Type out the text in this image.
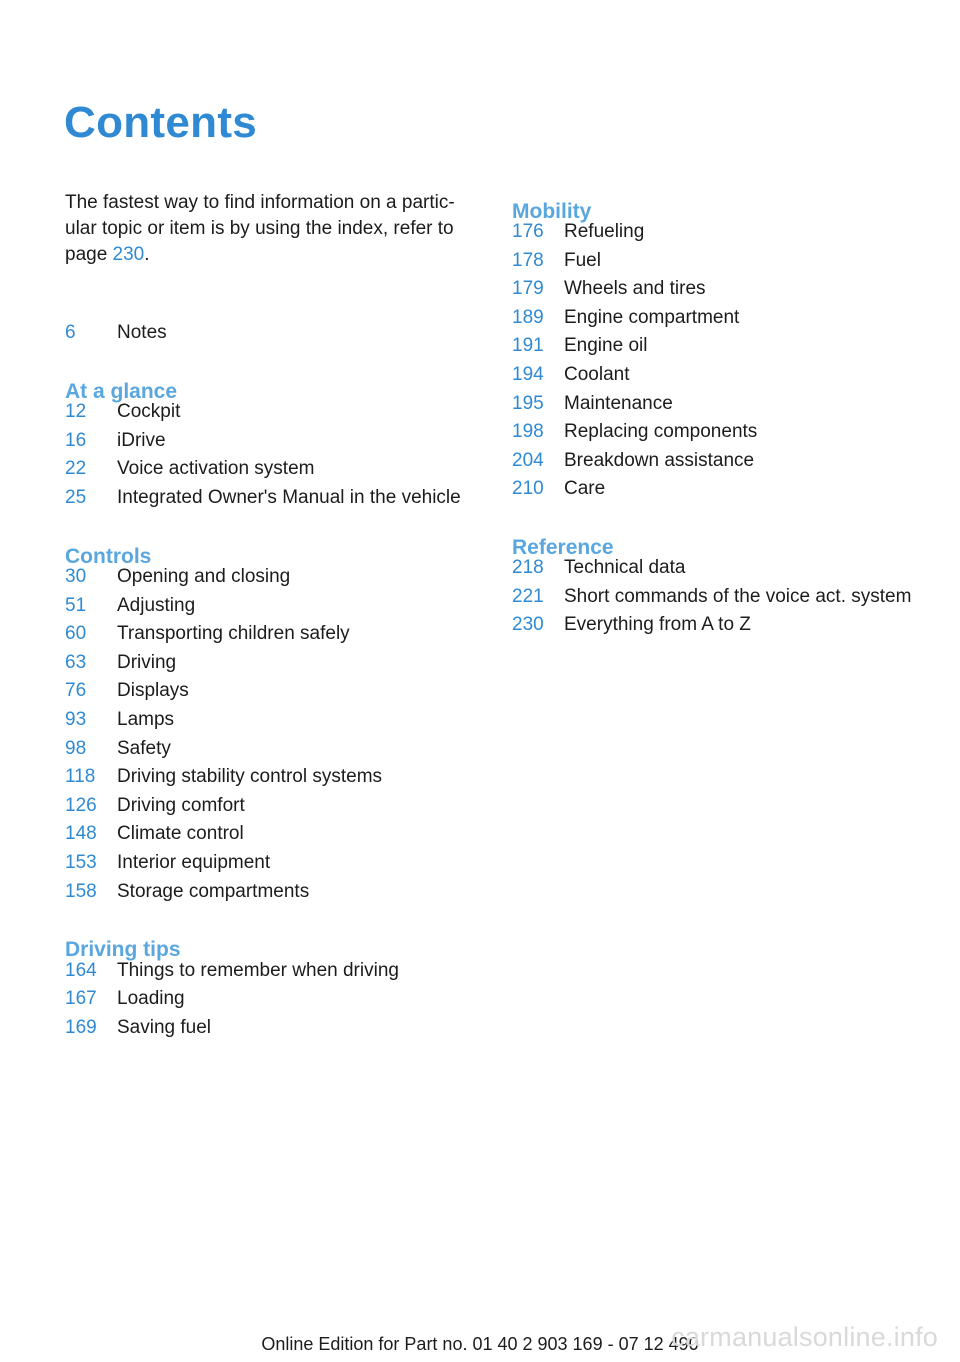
Contents
The fastest way to find information on a partic-ular topic or item is by using the index, refer to page 230.
6 Notes
At a glance
12 Cockpit
16 iDrive
22 Voice activation system
25 Integrated Owner's Manual in the vehicle
Controls
30 Opening and closing
51 Adjusting
60 Transporting children safely
63 Driving
76 Displays
93 Lamps
98 Safety
118 Driving stability control systems
126 Driving comfort
148 Climate control
153 Interior equipment
158 Storage compartments
Driving tips
164 Things to remember when driving
167 Loading
169 Saving fuel
Mobility
176 Refueling
178 Fuel
179 Wheels and tires
189 Engine compartment
191 Engine oil
194 Coolant
195 Maintenance
198 Replacing components
204 Breakdown assistance
210 Care
Reference
218 Technical data
221 Short commands of the voice act. system
230 Everything from A to Z
Online Edition for Part no. 01 40 2 903 169 - 07 12 490
carmanualsonline.info
